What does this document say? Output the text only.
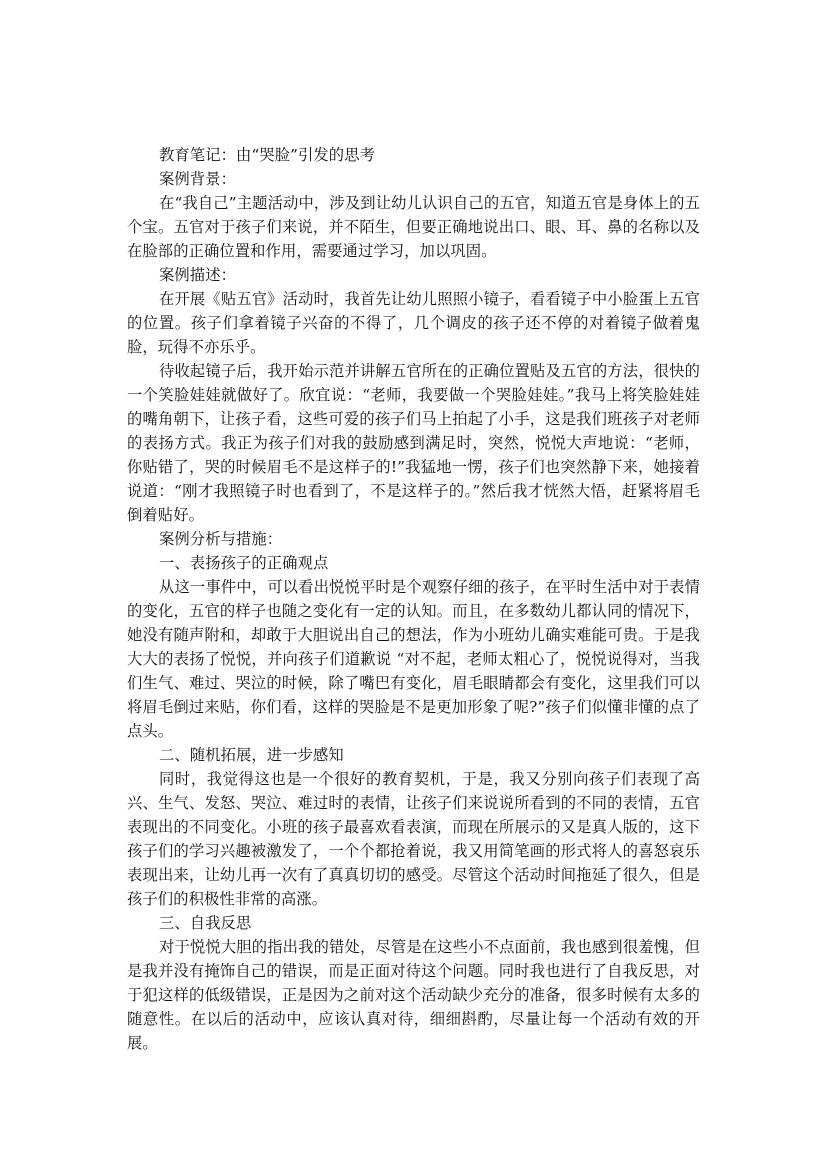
教育笔记：由“哭脸”引发的思考

案例背景：

在“我自己”主题活动中，涉及到让幼儿认识自己的五官，知道五官是身体上的五个宝。五官对于孩子们来说，并不陌生，但要正确地说出口、眼、耳、鼻的名称以及在脸部的正确位置和作用，需要通过学习，加以巩固。

案例描述：

在开展《贴五官》活动时，我首先让幼儿照照小镜子，看看镜子中小脸蛋上五官的位置。孩子们拿着镜子兴奋的不得了，几个调皮的孩子还不停的对着镜子做着鬼脸，玩得不亦乐乎。

待收起镜子后，我开始示范并讲解五官所在的正确位置贴及五官的方法，很快的一个笑脸娃娃就做好了。欣宜说：“老师，我要做一个哭脸娃娃。”我马上将笑脸娃娃的嘴角朝下，让孩子看，这些可爱的孩子们马上拍起了小手，这是我们班孩子对老师的表扬方式。我正为孩子们对我的鼓励感到满足时，突然，悦悦大声地说：“老师，你贴错了，哭的时候眉毛不是这样子的!”我猛地一愣，孩子们也突然静下来，她接着说道：“刚才我照镜子时也看到了，不是这样子的。”然后我才恍然大悟，赶紧将眉毛倒着贴好。

案例分析与措施：

一、表扬孩子的正确观点

从这一事件中，可以看出悦悦平时是个观察仔细的孩子，在平时生活中对于表情的变化，五官的样子也随之变化有一定的认知。而且，在多数幼儿都认同的情况下，她没有随声附和，却敢于大胆说出自己的想法，作为小班幼儿确实难能可贵。于是我大大的表扬了悦悦，并向孩子们道歉说 “对不起，老师太粗心了，悦悦说得对，当我们生气、难过、哭泣的时候，除了嘴巴有变化，眉毛眼睛都会有变化，这里我们可以将眉毛倒过来贴，你们看，这样的哭脸是不是更加形象了呢?”孩子们似懂非懂的点了点头。

二、随机拓展，进一步感知

同时，我觉得这也是一个很好的教育契机，于是，我又分别向孩子们表现了高兴、生气、发怒、哭泣、难过时的表情，让孩子们来说说所看到的不同的表情，五官表现出的不同变化。小班的孩子最喜欢看表演，而现在所展示的又是真人版的，这下孩子们的学习兴趣被激发了，一个个都抢着说，我又用简笔画的形式将人的喜怒哀乐表现出来，让幼儿再一次有了真真切切的感受。尽管这个活动时间拖延了很久，但是孩子们的积极性非常的高涨。

三、自我反思

对于悦悦大胆的指出我的错处，尽管是在这些小不点面前，我也感到很羞愧，但是我并没有掩饰自己的错误，而是正面对待这个问题。同时我也进行了自我反思，对于犯这样的低级错误，正是因为之前对这个活动缺少充分的准备，很多时候有太多的随意性。在以后的活动中，应该认真对待，细细斟酌，尽量让每一个活动有效的开展。
